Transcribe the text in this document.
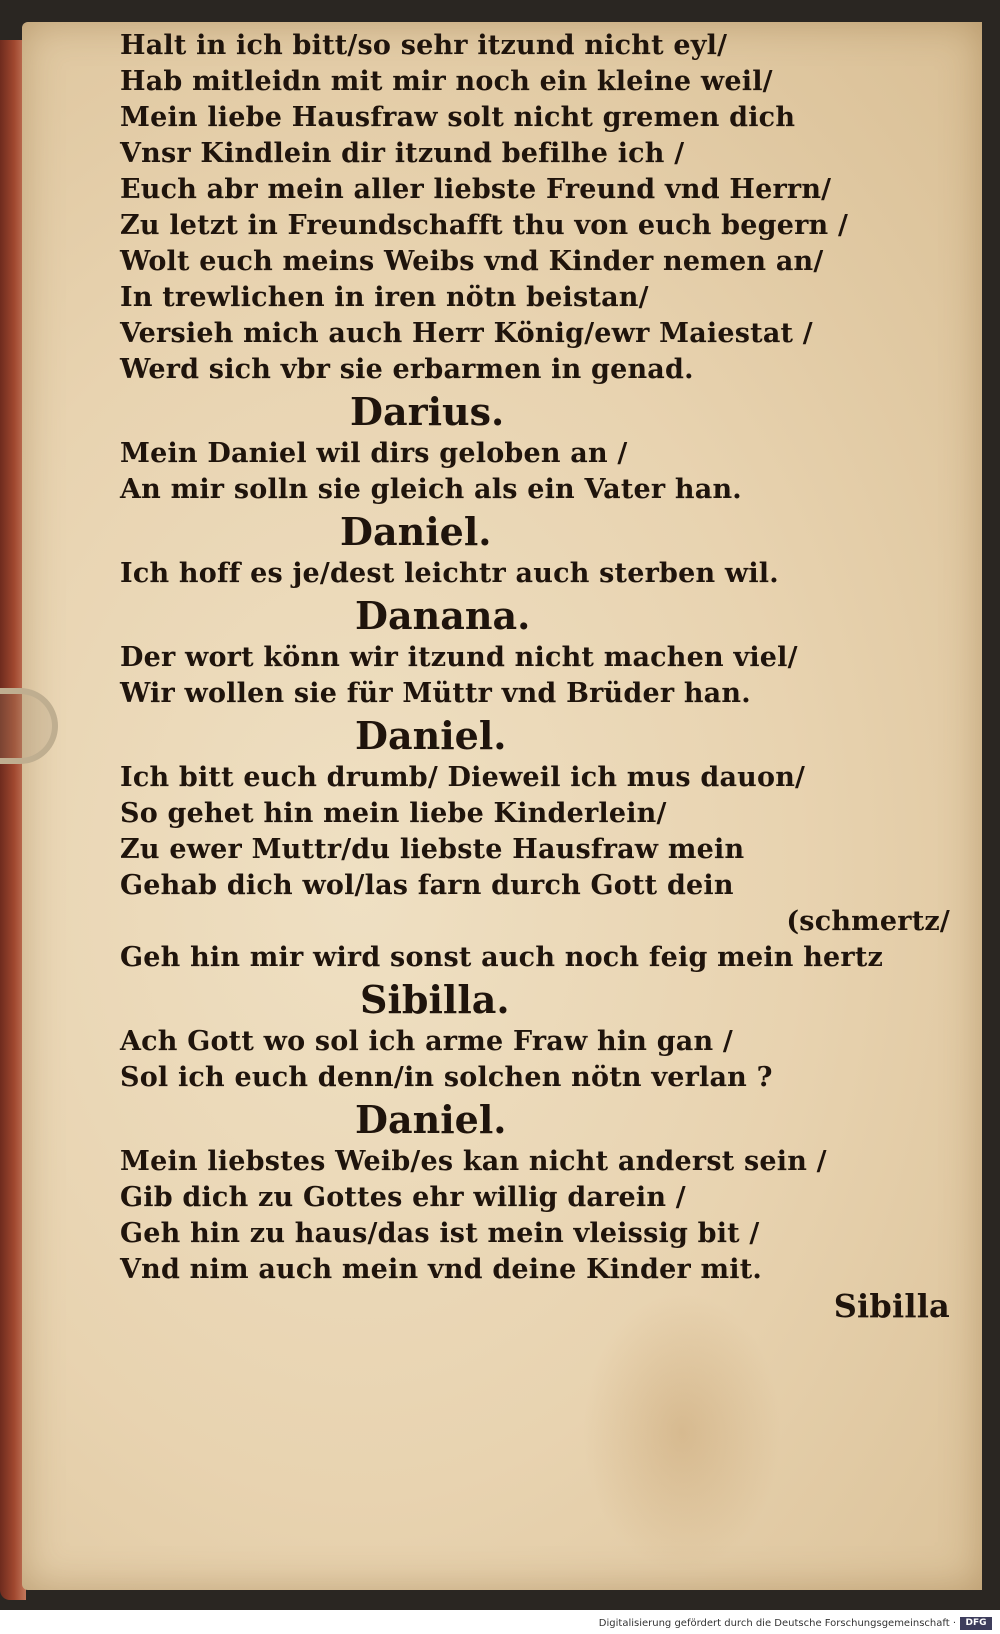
Halt in ich bitt/so sehr itzund nicht eyl/
Hab mitleidn mit mir noch ein kleine weil/
Mein liebe Hausfraw solt nicht gremen dich
Vnsr Kindlein dir itzund befilhe ich /
Euch abr mein aller liebste Freund vnd Herrn/
Zu letzt in Freundschafft thu von euch begern /
Wolt euch meins Weibs vnd Kinder nemen an/
In trewlichen in iren nötn beistan/
Versieh mich auch Herr König/ewr Maiestat /
Werd sich vbr sie erbarmen in genad.
Darius.
Mein Daniel wil dirs geloben an /
An mir solln sie gleich als ein Vater han.
Daniel.
Ich hoff es je/dest leichtr auch sterben wil.
Danana.
Der wort könn wir itzund nicht machen viel/
Wir wollen sie für Müttr vnd Brüder han.
Daniel.
Ich bitt euch drumb/ Dieweil ich mus dauon/
So gehet hin mein liebe Kinderlein/
Zu ewer Muttr/du liebste Hausfraw mein
Gehab dich wol/las farn durch Gott dein
(schmertz/
Geh hin mir wird sonst auch noch feig mein hertz
Sibilla.
Ach Gott wo sol ich arme Fraw hin gan /
Sol ich euch denn/in solchen nötn verlan ?
Daniel.
Mein liebstes Weib/es kan nicht anderst sein /
Gib dich zu Gottes ehr willig darein /
Geh hin zu haus/das ist mein vleissig bit /
Vnd nim auch mein vnd deine Kinder mit.
Sibilla
Digitalisierung gefördert durch die Deutsche Forschungsgemeinschaft ·	DFG
